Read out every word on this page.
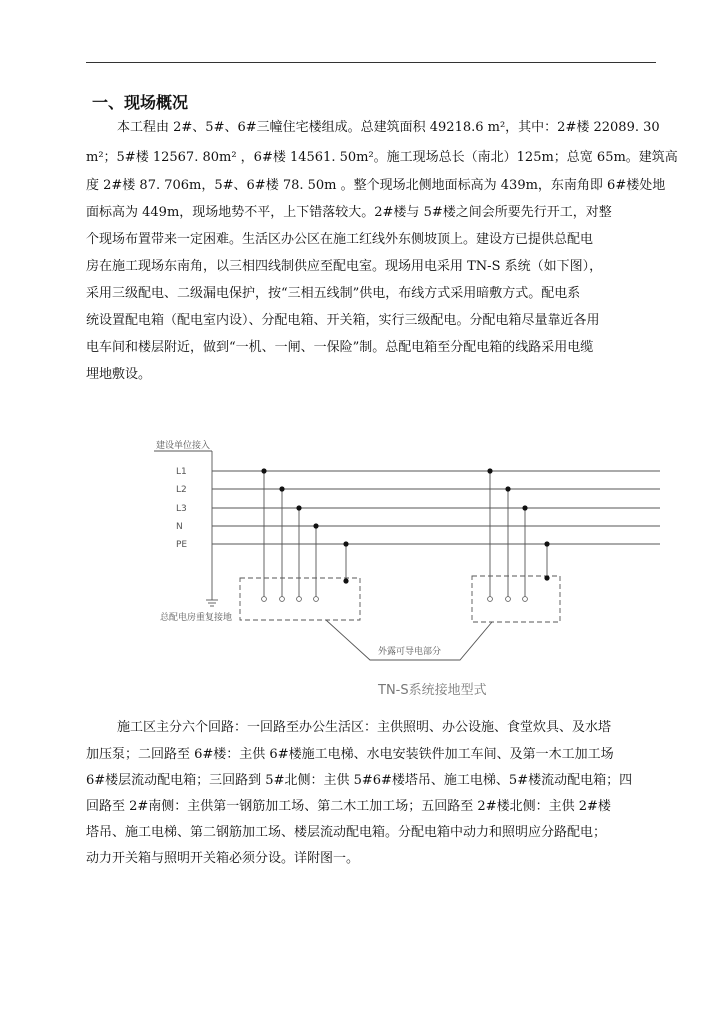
一、现场概况
本工程由 2#、5#、6#三幢住宅楼组成。总建筑面积 49218.6 m²，其中：2#楼 22089. 30
m²；5#楼 12567. 80m² ，6#楼 14561. 50m²。施工现场总长（南北）125m；总宽 65m。建筑高
度 2#楼 87. 706m，5#、6#楼 78. 50m 。整个现场北侧地面标高为 439m，东南角即 6#楼处地
面标高为 449m，现场地势不平，上下错落较大。2#楼与 5#楼之间会所要先行开工，对整
个现场布置带来一定困难。生活区办公区在施工红线外东侧坡顶上。建设方已提供总配电
房在施工现场东南角，以三相四线制供应至配电室。现场用电采用 TN-S 系统（如下图），
采用三级配电、二级漏电保护，按“三相五线制”供电，布线方式采用暗敷方式。配电系
统设置配电箱（配电室内设）、分配电箱、开关箱，实行三级配电。分配电箱尽量靠近各用
电车间和楼层附近，做到“一机、一闸、一保险”制。总配电箱至分配电箱的线路采用电缆
埋地敷设。
建设单位接入
L1
L2
L3
N
PE
总配电房重复接地
外露可导电部分
TN-S系统接地型式
施工区主分六个回路：一回路至办公生活区：主供照明、办公设施、食堂炊具、及水塔
加压泵；二回路至 6#楼：主供 6#楼施工电梯、水电安装铁件加工车间、及第一木工加工场
6#楼层流动配电箱；三回路到 5#北侧：主供 5#6#楼塔吊、施工电梯、5#楼流动配电箱；四
回路至 2#南侧：主供第一钢筋加工场、第二木工加工场；五回路至 2#楼北侧：主供 2#楼
塔吊、施工电梯、第二钢筋加工场、楼层流动配电箱。分配电箱中动力和照明应分路配电；
动力开关箱与照明开关箱必须分设。详附图一。
